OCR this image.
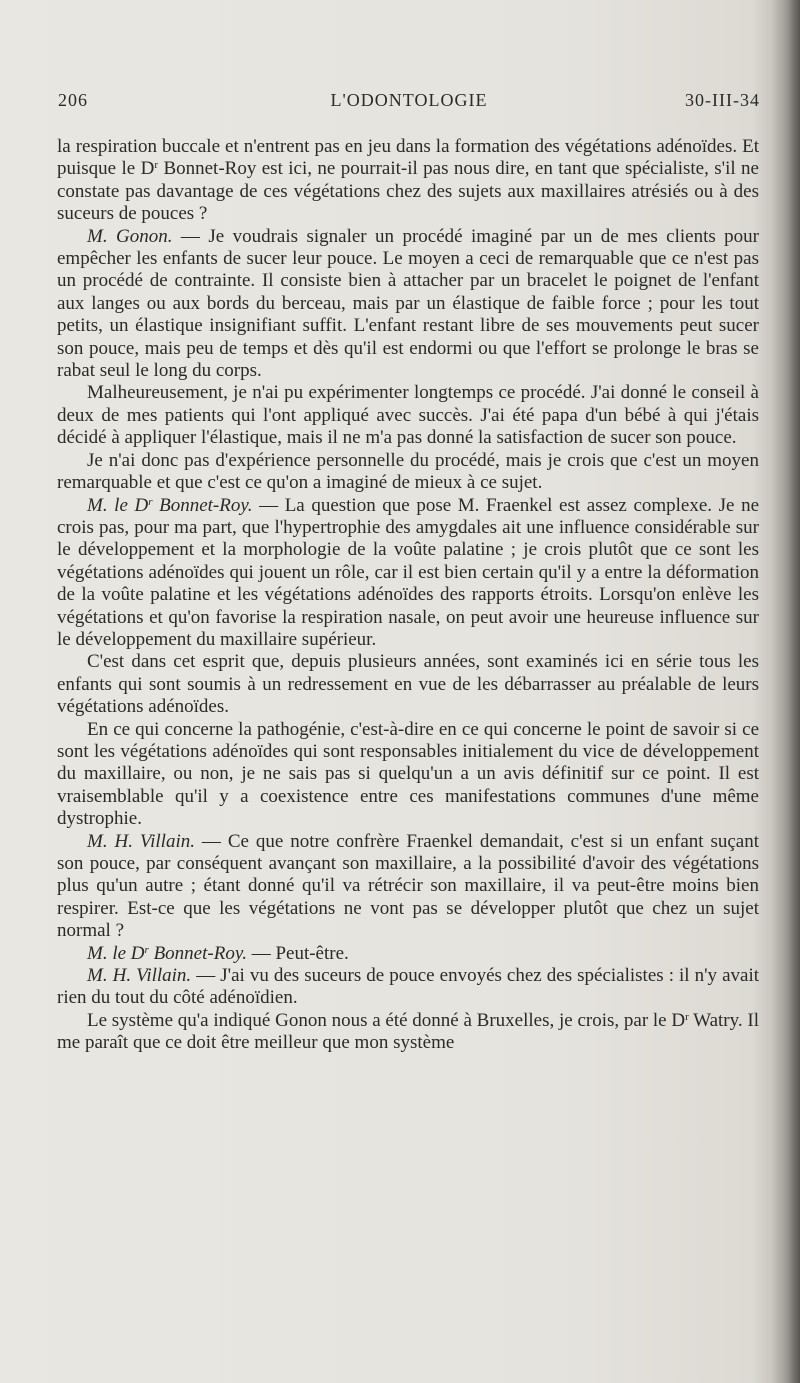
206	L'ODONTOLOGIE	30-III-34

la respiration buccale et n'entrent pas en jeu dans la formation des végétations adénoïdes. Et puisque le $D^r$ Bonnet-Roy est ici, ne pourrait-il pas nous dire, en tant que spécialiste, s'il ne constate pas davantage de ces végétations chez des sujets aux maxillaires atrésiés ou à des suceurs de pouces ?

M. Gonon. — Je voudrais signaler un procédé imaginé par un de mes clients pour empêcher les enfants de sucer leur pouce. Le moyen a ceci de remarquable que ce n'est pas un procédé de contrainte. Il consiste bien à attacher par un bracelet le poignet de l'enfant aux langes ou aux bords du berceau, mais par un élastique de faible force ; pour les tout petits, un élastique insignifiant suffit. L'enfant restant libre de ses mouvements peut sucer son pouce, mais peu de temps et dès qu'il est endormi ou que l'effort se prolonge le bras se rabat seul le long du corps.

Malheureusement, je n'ai pu expérimenter longtemps ce procédé. J'ai donné le conseil à deux de mes patients qui l'ont appliqué avec succès. J'ai été papa d'un bébé à qui j'étais décidé à appliquer l'élastique, mais il ne m'a pas donné la satisfaction de sucer son pouce.

Je n'ai donc pas d'expérience personnelle du procédé, mais je crois que c'est un moyen remarquable et que c'est ce qu'on a imaginé de mieux à ce sujet.

M. le $D^r$ Bonnet-Roy. — La question que pose M. Fraenkel est assez complexe. Je ne crois pas, pour ma part, que l'hypertrophie des amygdales ait une influence considérable sur le développement et la morphologie de la voûte palatine ; je crois plutôt que ce sont les végétations adénoïdes qui jouent un rôle, car il est bien certain qu'il y a entre la déformation de la voûte palatine et les végétations adénoïdes des rapports étroits. Lorsqu'on enlève les végétations et qu'on favorise la respiration nasale, on peut avoir une heureuse influence sur le développement du maxillaire supérieur.

C'est dans cet esprit que, depuis plusieurs années, sont examinés ici en série tous les enfants qui sont soumis à un redressement en vue de les débarrasser au préalable de leurs végétations adénoïdes.

En ce qui concerne la pathogénie, c'est-à-dire en ce qui concerne le point de savoir si ce sont les végétations adénoïdes qui sont responsables initialement du vice de développement du maxillaire, ou non, je ne sais pas si quelqu'un a un avis définitif sur ce point. Il est vraisemblable qu'il y a coexistence entre ces manifestations communes d'une même dystrophie.

M. H. Villain. — Ce que notre confrère Fraenkel demandait, c'est si un enfant suçant son pouce, par conséquent avançant son maxillaire, a la possibilité d'avoir des végétations plus qu'un autre ; étant donné qu'il va rétrécir son maxillaire, il va peut-être moins bien respirer. Est-ce que les végétations ne vont pas se développer plutôt que chez un sujet normal ?

M. le $D^r$ Bonnet-Roy. — Peut-être.

M. H. Villain. — J'ai vu des suceurs de pouce envoyés chez des spécialistes : il n'y avait rien du tout du côté adénoïdien.

Le système qu'a indiqué Gonon nous a été donné à Bruxelles, je crois, par le $D^r$ Watry. Il me paraît que ce doit être meilleur que mon système
